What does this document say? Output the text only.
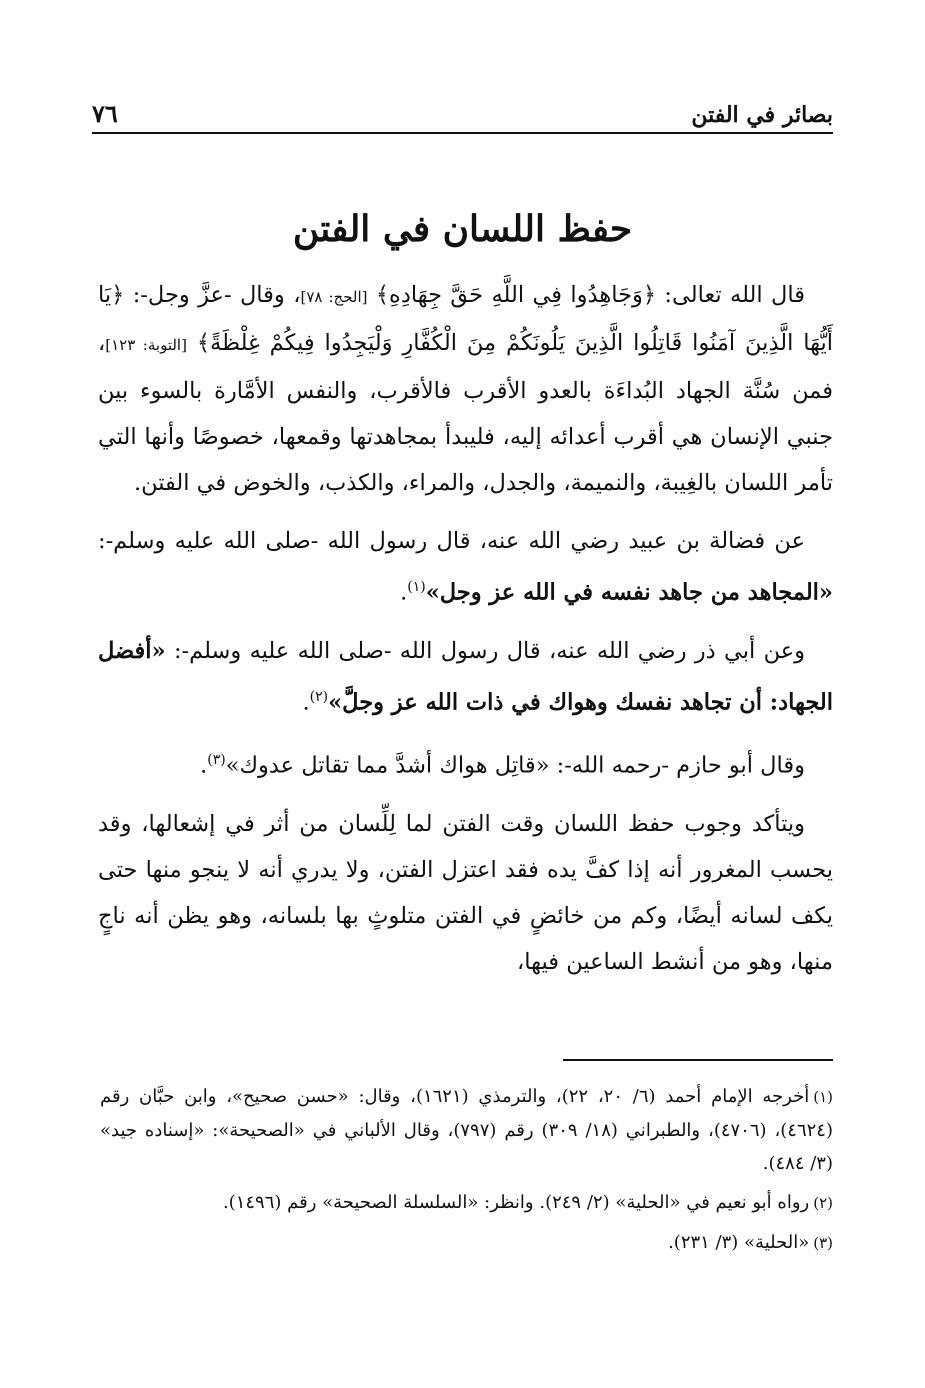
بصائر في الفتن
٧٦
حفظ اللسان في الفتن

قال الله تعالى: ﴿وَجَاهِدُوا فِي اللَّهِ حَقَّ جِهَادِهِ﴾ [الحج: ٧٨]، وقال -عزَّ وجل-: ﴿يَا أَيُّهَا الَّذِينَ آمَنُوا قَاتِلُوا الَّذِينَ يَلُونَكُمْ مِنَ الْكُفَّارِ وَلْيَجِدُوا فِيكُمْ غِلْظَةً﴾ [التوبة: ١٢٣]، فمن سُنَّة الجهاد البُداءَة بالعدو الأقرب فالأقرب، والنفس الأمَّارة بالسوء بين جنبي الإنسان هي أقرب أعدائه إليه، فليبدأ بمجاهدتها وقمعها، خصوصًا وأنها التي تأمر اللسان بالغِيبة، والنميمة، والجدل، والمراء، والكذب، والخوض في الفتن.

عن فضالة بن عبيد رضي الله عنه، قال رسول الله -صلى الله عليه وسلم-: «المجاهد من جاهد نفسه في الله عز وجل»$^{(١)}$.

وعن أبي ذر رضي الله عنه، قال رسول الله -صلى الله عليه وسلم-: «أفضل الجهاد: أن تجاهد نفسك وهواك في ذات الله عز وجلَّ»$^{(٢)}$.

وقال أبو حازم -رحمه الله-: «قاتِل هواك أشدَّ مما تقاتل عدوك»$^{(٣)}$.

ويتأكد وجوب حفظ اللسان وقت الفتن لما لِلِّسان من أثر في إشعالها، وقد يحسب المغرور أنه إذا كفَّ يده فقد اعتزل الفتن، ولا يدري أنه لا ينجو منها حتى يكف لسانه أيضًا، وكم من خائضٍ في الفتن متلوثٍ بها بلسانه، وهو يظن أنه ناجٍ منها، وهو من أنشط الساعين فيها،

(١)أخرجه الإمام أحمد (٦/ ٢٠، ٢٢)، والترمذي (١٦٢١)، وقال: «حسن صحيح»، وابن حبَّان رقم (٤٦٢٤)، (٤٧٠٦)، والطبراني (١٨/ ٣٠٩) رقم (٧٩٧)، وقال الألباني في «الصحيحة»: «إسناده جيد» (٣/ ٤٨٤).

(٢)رواه أبو نعيم في «الحلية» (٢/ ٢٤٩). وانظر: «السلسلة الصحيحة» رقم (١٤٩٦).

(٣)«الحلية» (٣/ ٢٣١).
